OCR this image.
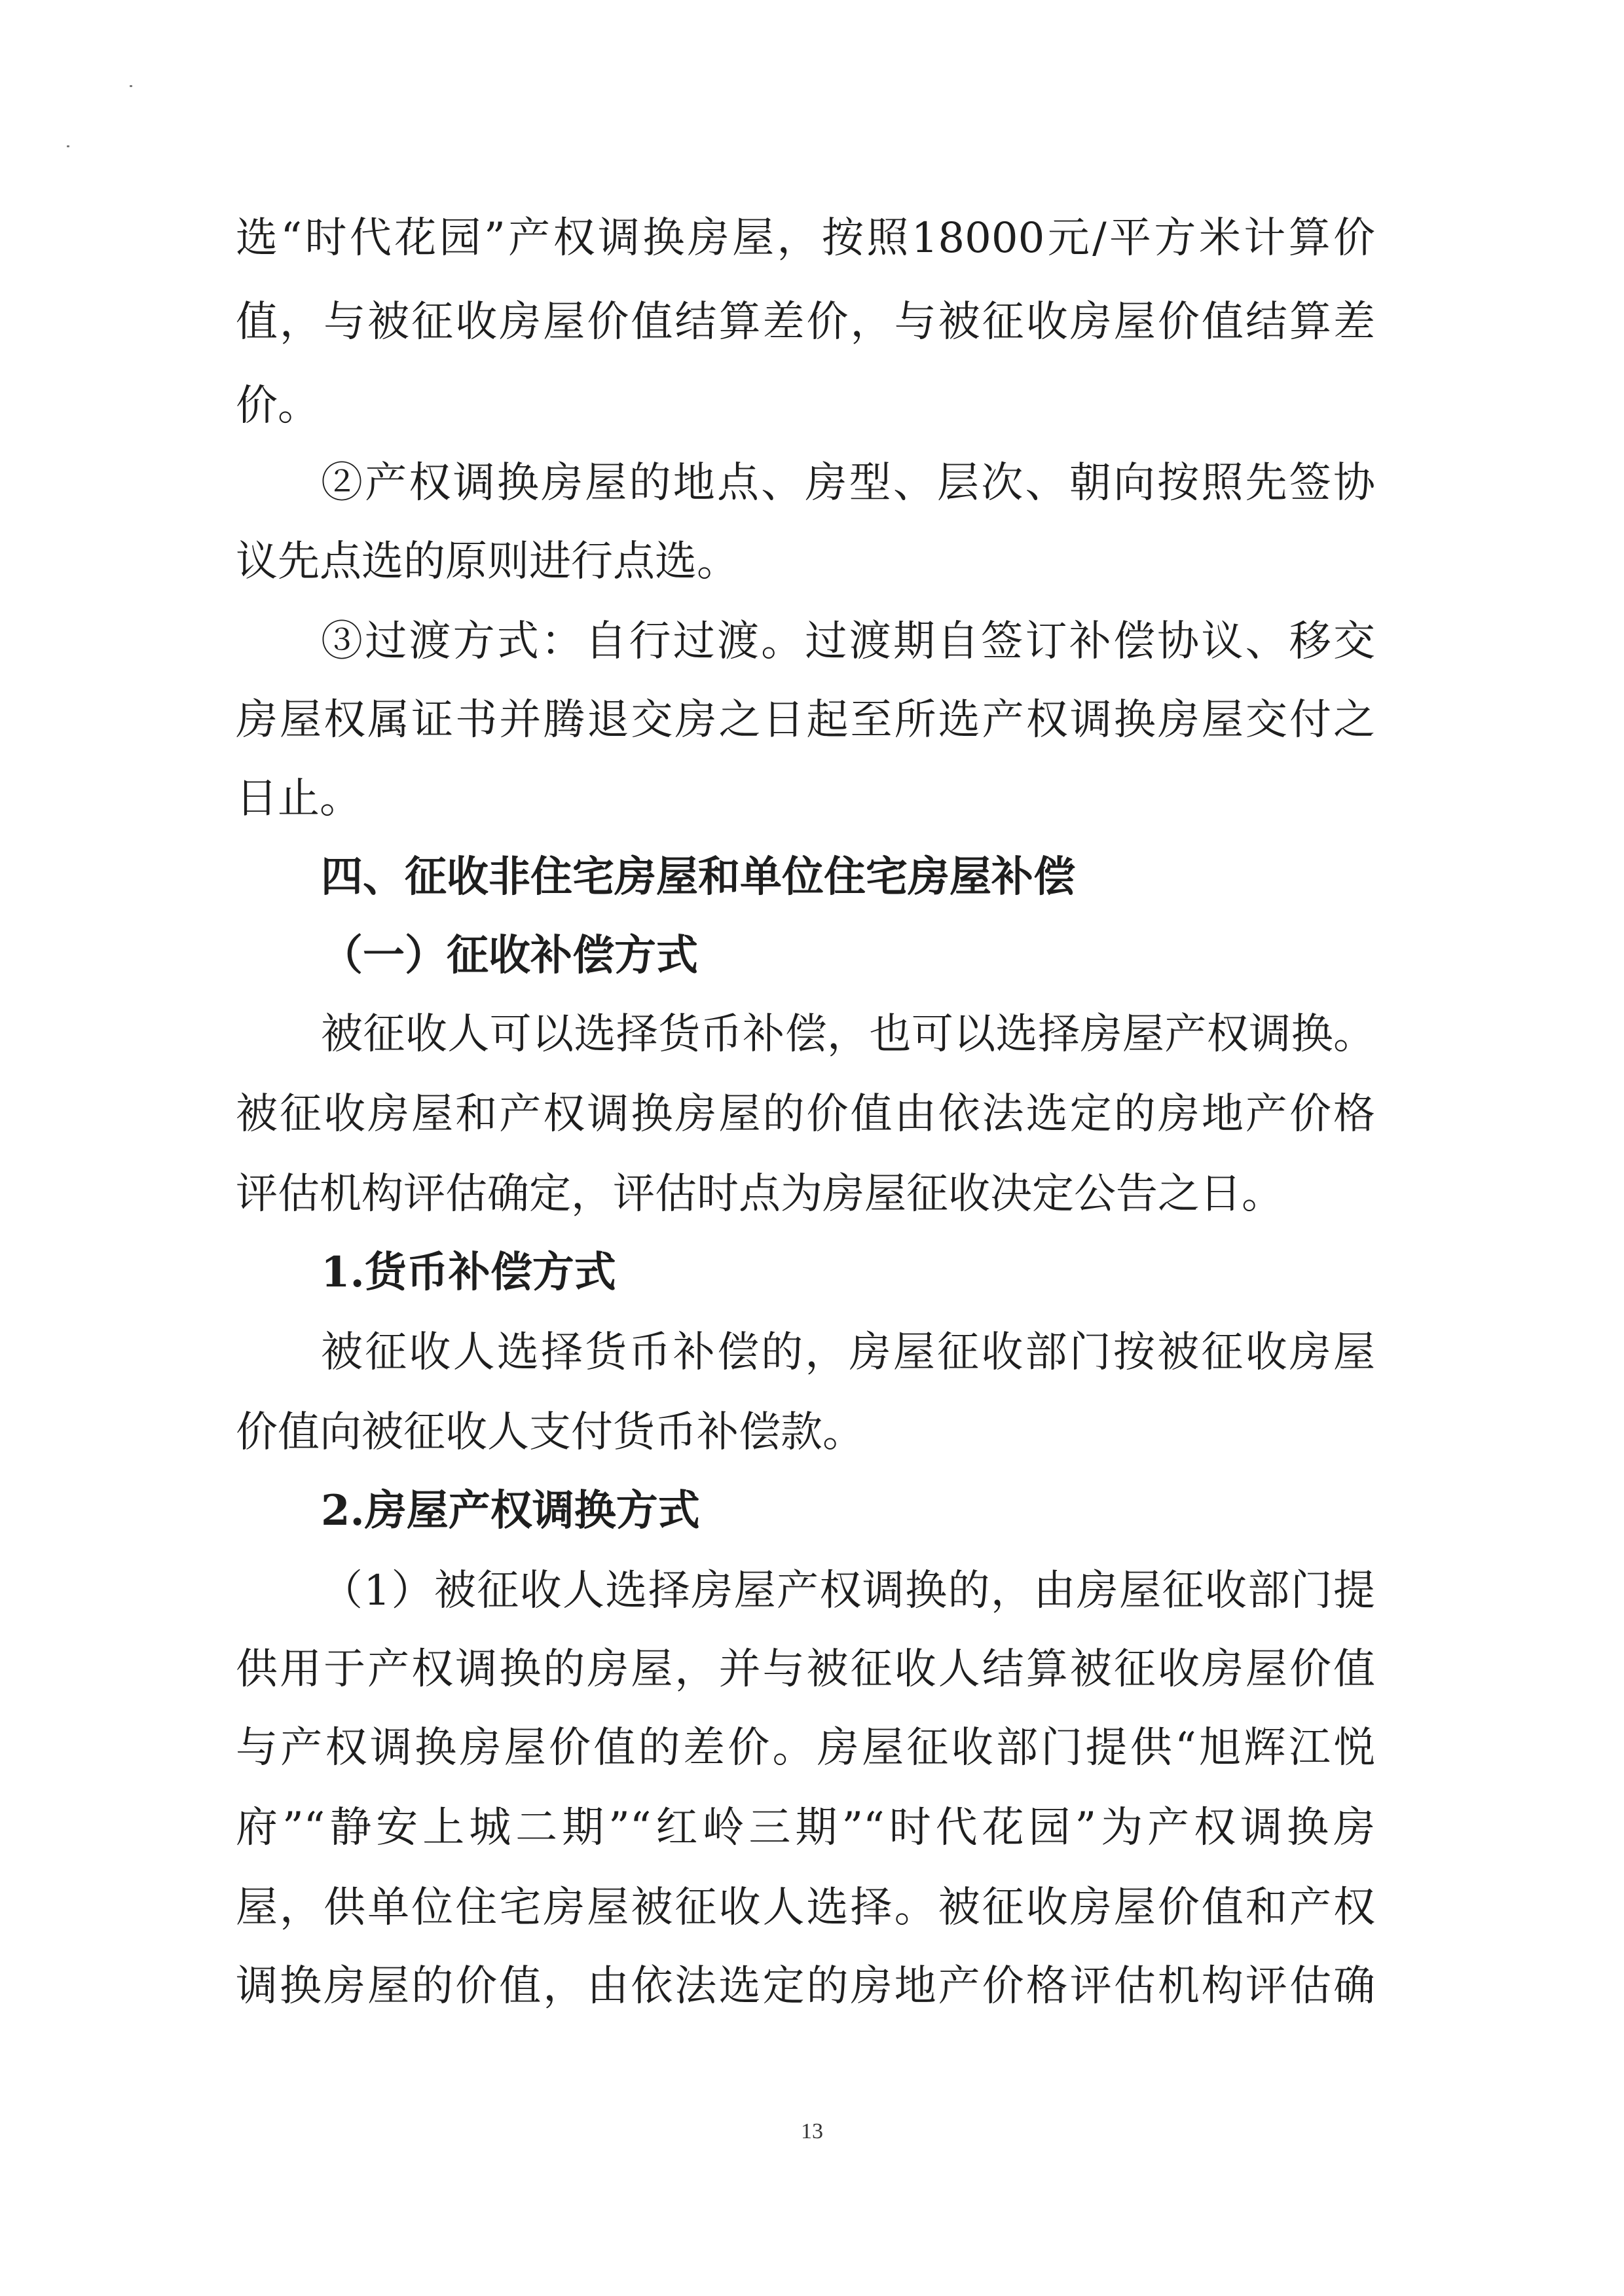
选“时代花园”产权调换房屋，按照18000元/平方米计算价
值，与被征收房屋价值结算差价，与被征收房屋价值结算差
价。
②产权调换房屋的地点、房型、层次、朝向按照先签协
议先点选的原则进行点选。
③过渡方式：自行过渡。过渡期自签订补偿协议、移交
房屋权属证书并腾退交房之日起至所选产权调换房屋交付之
日止。
四、征收非住宅房屋和单位住宅房屋补偿
（一）征收补偿方式
被征收人可以选择货币补偿，也可以选择房屋产权调换。
被征收房屋和产权调换房屋的价值由依法选定的房地产价格
评估机构评估确定，评估时点为房屋征收决定公告之日。
1.货币补偿方式
被征收人选择货币补偿的，房屋征收部门按被征收房屋
价值向被征收人支付货币补偿款。
2.房屋产权调换方式
（1）被征收人选择房屋产权调换的，由房屋征收部门提
供用于产权调换的房屋，并与被征收人结算被征收房屋价值
与产权调换房屋价值的差价。房屋征收部门提供“旭辉江悦
府”“静安上城二期”“红岭三期”“时代花园”为产权调换房
屋，供单位住宅房屋被征收人选择。被征收房屋价值和产权
调换房屋的价值，由依法选定的房地产价格评估机构评估确
13
